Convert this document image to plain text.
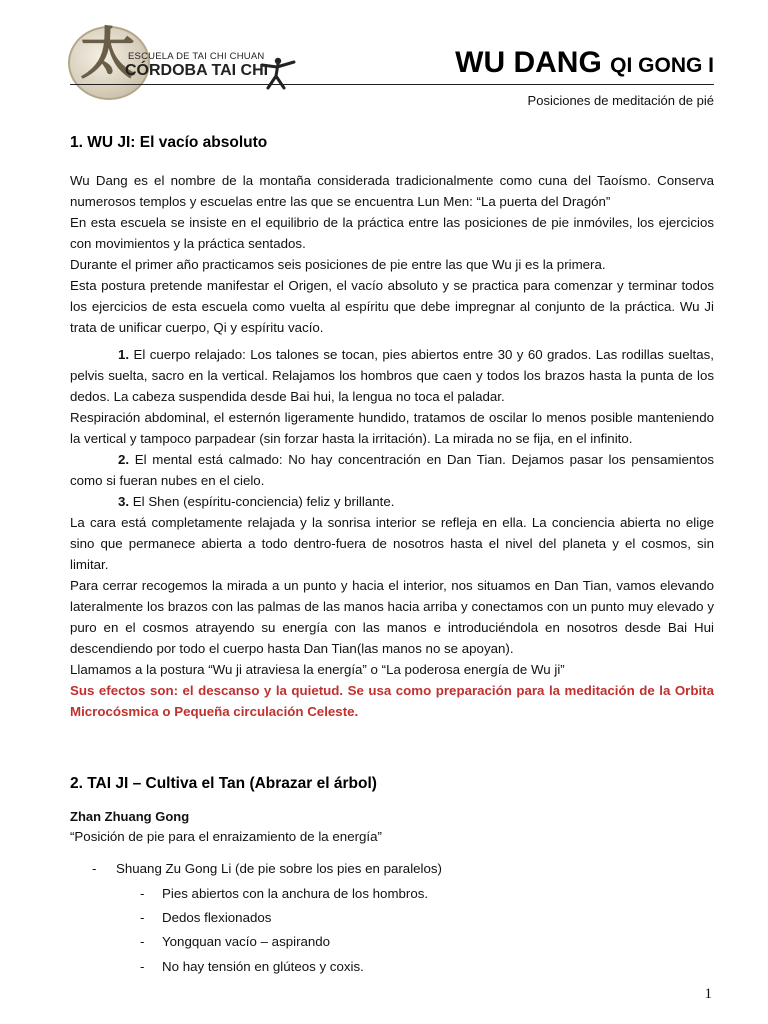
太
ESCUELA DE TAI CHI CHUAN
CÓRDOBA TAI CHI	WU DANG QI GONG I
Posiciones de meditación de pié
1. WU JI: El vacío absoluto
Wu Dang es el nombre de la montaña considerada tradicionalmente como cuna del Taoísmo. Conserva numerosos templos y escuelas entre las que se encuentra Lun Men: “La puerta del Dragón”
En esta escuela se insiste en el equilibrio de la práctica entre las posiciones de pie inmóviles, los ejercicios con movimientos y la práctica sentados.
Durante el primer año practicamos seis posiciones de pie entre las que Wu ji es la primera.
Esta postura pretende manifestar el Origen, el vacío absoluto y se practica para comenzar y terminar todos los ejercicios de esta escuela como vuelta al espíritu que debe impregnar al conjunto de la práctica. Wu Ji trata de unificar cuerpo, Qi y espíritu vacío.
1. El cuerpo relajado: Los talones se tocan, pies abiertos entre 30 y 60 grados. Las rodillas sueltas, pelvis suelta, sacro en la vertical. Relajamos los hombros que caen y todos los brazos hasta la punta de los dedos. La cabeza suspendida desde Bai hui, la lengua no toca el paladar.
Respiración abdominal, el esternón ligeramente hundido, tratamos de oscilar lo menos posible manteniendo la vertical y tampoco parpadear (sin forzar hasta la irritación). La mirada no se fija, en el infinito.
2. El mental está calmado: No hay concentración en Dan Tian. Dejamos pasar los pensamientos como si fueran nubes en el cielo.
3. El Shen (espíritu-conciencia) feliz y brillante.
La cara está completamente relajada y la sonrisa interior se refleja en ella. La conciencia abierta no elige sino que permanece abierta a todo dentro-fuera de nosotros hasta el nivel del planeta y el cosmos, sin limitar.
Para cerrar recogemos la mirada a un punto y hacia el interior, nos situamos en Dan Tian, vamos elevando lateralmente los brazos con las palmas de las manos hacia arriba y conectamos con un punto muy elevado y puro en el cosmos atrayendo su energía con las manos e introduciéndola en nosotros desde Bai Hui descendiendo por todo el cuerpo hasta Dan Tian(las manos no se apoyan).
Llamamos a la postura “Wu ji atraviesa la energía” o “La poderosa energía de Wu ji”
Sus efectos son: el descanso y la quietud. Se usa como preparación para la meditación de la Orbita Microcósmica o Pequeña circulación Celeste.
2. TAI JI – Cultiva el Tan (Abrazar el árbol)
Zhan Zhuang Gong
“Posición de pie para el enraizamiento de la energía”
- Shuang Zu Gong Li (de pie sobre los pies en paralelos)
- Pies abiertos con la anchura de los hombros.
- Dedos flexionados
- Yongquan vacío – aspirando
- No hay tensión en glúteos y coxis.
1
